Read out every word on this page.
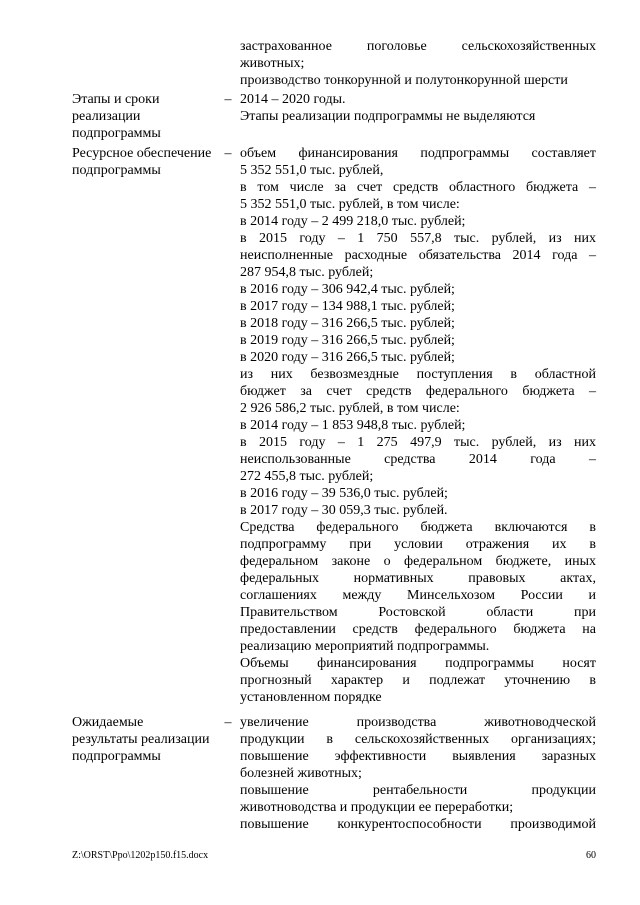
застрахованное поголовье сельскохозяйственных
животных;
производство тонкорунной и полутонкорунной шерсти
Этапы и сроки
реализации
подпрограммы
– 2014 – 2020 годы.
Этапы реализации подпрограммы не выделяются
Ресурсное обеспечение
подпрограммы
– объем финансирования подпрограммы составляет
5 352 551,0 тыс. рублей,
в том числе за счет средств областного бюджета –
5 352 551,0 тыс. рублей, в том числе:
в 2014 году – 2 499 218,0 тыс. рублей;
в 2015 году – 1 750 557,8 тыс. рублей, из них
неисполненные расходные обязательства 2014 года –
287 954,8 тыс. рублей;
в 2016 году – 306 942,4 тыс. рублей;
в 2017 году – 134 988,1 тыс. рублей;
в 2018 году – 316 266,5 тыс. рублей;
в 2019 году – 316 266,5 тыс. рублей;
в 2020 году – 316 266,5 тыс. рублей;
из них безвозмездные поступления в областной
бюджет за счет средств федерального бюджета –
2 926 586,2 тыс. рублей, в том числе:
в 2014 году – 1 853 948,8 тыс. рублей;
в 2015 году – 1 275 497,9 тыс. рублей, из них
неиспользованные средства 2014 года –
272 455,8 тыс. рублей;
в 2016 году – 39 536,0 тыс. рублей;
в 2017 году – 30 059,3 тыс. рублей.
Средства федерального бюджета включаются в
подпрограмму при условии отражения их в
федеральном законе о федеральном бюджете, иных
федеральных нормативных правовых актах,
соглашениях между Минсельхозом России и
Правительством Ростовской области при
предоставлении средств федерального бюджета на
реализацию мероприятий подпрограммы.
Объемы финансирования подпрограммы носят
прогнозный характер и подлежат уточнению в
установленном порядке
Ожидаемые
результаты реализации
подпрограммы
– увеличение производства животноводческой
продукции в сельскохозяйственных организациях;
повышение эффективности выявления заразных
болезней животных;
повышение рентабельности продукции
животноводства и продукции ее переработки;
повышение конкурентоспособности производимой
Z:\ORST\Ppo\1202p150.f15.docx	60
